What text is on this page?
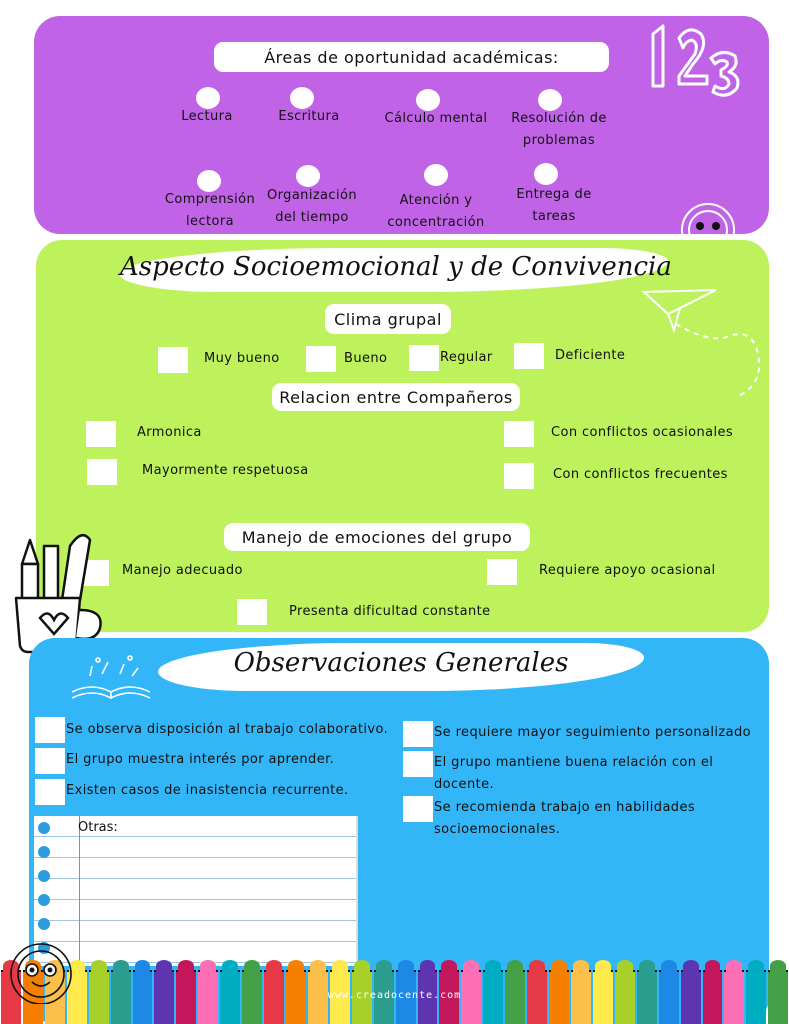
Áreas de oportunidad académicas:
Lectura	Escritura	Cálculo mental	Resolución de problemas
Comprensión lectora
Organización del tiempo
Atención y concentración
Entrega de tareas
Aspecto Socioemocional y de Convivencia
Clima grupal
Muy bueno	Bueno	Regular	Deficiente
Relacion entre Compañeros
Armonica
Mayormente respetuosa
Con conflictos ocasionales
Con conflictos frecuentes
Manejo de emociones del grupo
Manejo adecuado	Requiere apoyo ocasional
Presenta dificultad constante
Observaciones Generales
Se observa disposición al trabajo colaborativo.
El grupo muestra interés por aprender.
Existen casos de inasistencia recurrente.
Se requiere mayor seguimiento personalizado
El grupo mantiene buena relación con el docente.
Se recomienda trabajo en habilidades socioemocionales.
Otras:
www.creadocente.com
